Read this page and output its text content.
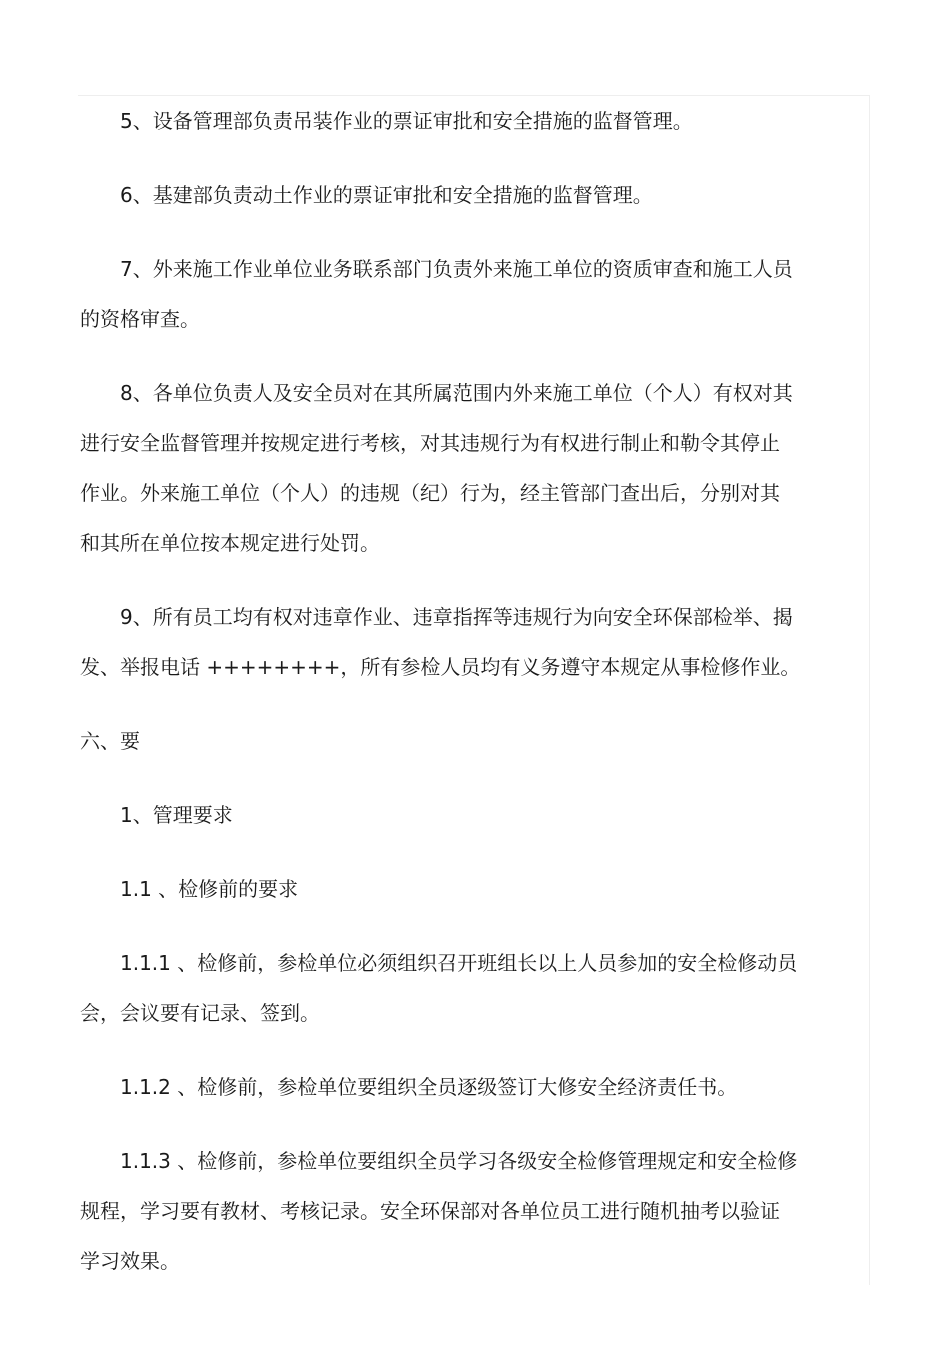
5、设备管理部负责吊装作业的票证审批和安全措施的监督管理。

6、基建部负责动土作业的票证审批和安全措施的监督管理。

7、外来施工作业单位业务联系部门负责外来施工单位的资质审查和施工人员

的资格审查。

8、各单位负责人及安全员对在其所属范围内外来施工单位（个人）有权对其

进行安全监督管理并按规定进行考核，对其违规行为有权进行制止和勒令其停止

作业。外来施工单位（个人）的违规（纪）行为，经主管部门查出后，分别对其

和其所在单位按本规定进行处罚。

9、所有员工均有权对违章作业、违章指挥等违规行为向安全环保部检举、揭

发、举报电话 ++++++++，所有参检人员均有义务遵守本规定从事检修作业。

六、要

1、管理要求

1.1 、检修前的要求

1.1.1 、检修前，参检单位必须组织召开班组长以上人员参加的安全检修动员

会，会议要有记录、签到。

1.1.2 、检修前，参检单位要组织全员逐级签订大修安全经济责任书。

1.1.3 、检修前，参检单位要组织全员学习各级安全检修管理规定和安全检修

规程，学习要有教材、考核记录。安全环保部对各单位员工进行随机抽考以验证

学习效果。
